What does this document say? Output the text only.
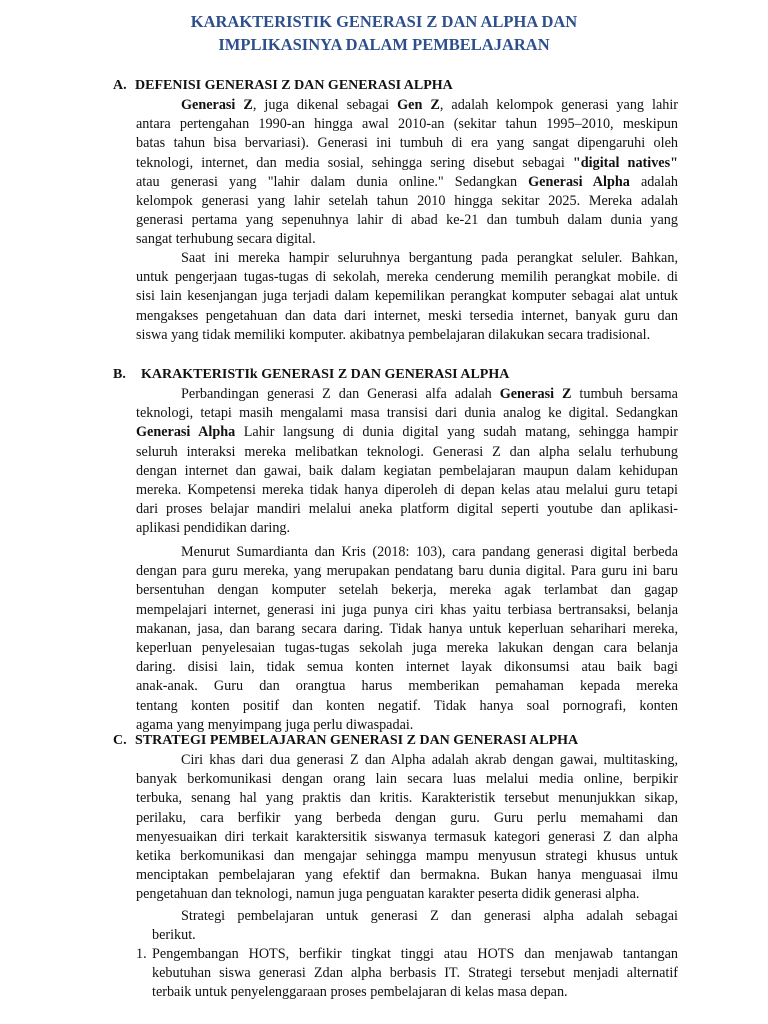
KARAKTERISTIK GENERASI Z DAN ALPHA DAN
IMPLIKASINYA DALAM PEMBELAJARAN
A. DEFENISI GENERASI Z DAN GENERASI ALPHA
Generasi Z, juga dikenal sebagai Gen Z, adalah kelompok generasi yang lahir
antara pertengahan 1990-an hingga awal 2010-an (sekitar tahun 1995–2010, meskipun
batas tahun bisa bervariasi). Generasi ini tumbuh di era yang sangat dipengaruhi oleh
teknologi, internet, dan media sosial, sehingga sering disebut sebagai "digital natives"
atau generasi yang "lahir dalam dunia online." Sedangkan Generasi Alpha adalah
kelompok generasi yang lahir setelah tahun 2010 hingga sekitar 2025. Mereka adalah
generasi pertama yang sepenuhnya lahir di abad ke-21 dan tumbuh dalam dunia yang
sangat terhubung secara digital.
Saat ini mereka hampir seluruhnya bergantung pada perangkat seluler. Bahkan,
untuk pengerjaan tugas-tugas di sekolah, mereka cenderung memilih perangkat mobile. di
sisi lain kesenjangan juga terjadi dalam kepemilikan perangkat komputer sebagai alat untuk
mengakses pengetahuan dan data dari internet, meski tersedia internet, banyak guru dan
siswa yang tidak memiliki komputer. akibatnya pembelajaran dilakukan secara tradisional.
B. KARAKTERISTIk GENERASI Z DAN GENERASI ALPHA
Perbandingan generasi Z dan Generasi alfa adalah Generasi Z tumbuh bersama
teknologi, tetapi masih mengalami masa transisi dari dunia analog ke digital. Sedangkan
Generasi Alpha Lahir langsung di dunia digital yang sudah matang, sehingga hampir
seluruh interaksi mereka melibatkan teknologi. Generasi Z dan alpha selalu terhubung
dengan internet dan gawai, baik dalam kegiatan pembelajaran maupun dalam kehidupan
mereka. Kompetensi mereka tidak hanya diperoleh di depan kelas atau melalui guru tetapi
dari proses belajar mandiri melalui aneka platform digital seperti youtube dan aplikasi-
aplikasi pendidikan daring.
Menurut Sumardianta dan Kris (2018: 103), cara pandang generasi digital berbeda
dengan para guru mereka, yang merupakan pendatang baru dunia digital. Para guru ini baru
bersentuhan dengan komputer setelah bekerja, mereka agak terlambat dan gagap
mempelajari internet, generasi ini juga punya ciri khas yaitu terbiasa bertransaksi, belanja
makanan, jasa, dan barang secara daring. Tidak hanya untuk keperluan seharihari mereka,
keperluan penyelesaian tugas-tugas sekolah juga mereka lakukan dengan cara belanja
daring. disisi lain, tidak semua konten internet layak dikonsumsi atau baik bagi
anak-anak. Guru dan orangtua harus memberikan pemahaman kepada mereka
tentang konten positif dan konten negatif. Tidak hanya soal pornografi, konten
agama yang menyimpang juga perlu diwaspadai.
C. STRATEGI PEMBELAJARAN GENERASI Z DAN GENERASI ALPHA
Ciri khas dari dua generasi Z dan Alpha adalah akrab dengan gawai, multitasking,
banyak berkomunikasi dengan orang lain secara luas melalui media online, berpikir
terbuka, senang hal yang praktis dan kritis. Karakteristik tersebut menunjukkan sikap,
perilaku, cara berfikir yang berbeda dengan guru. Guru perlu memahami dan
menyesuaikan diri terkait karaktersitik siswanya termasuk kategori generasi Z dan alpha
ketika berkomunikasi dan mengajar sehingga mampu menyusun strategi khusus untuk
menciptakan pembelajaran yang efektif dan bermakna. Bukan hanya menguasai ilmu
pengetahuan dan teknologi, namun juga penguatan karakter peserta didik generasi alpha.
Strategi pembelajaran untuk generasi Z dan generasi alpha adalah sebagai
berikut.
1. Pengembangan HOTS, berfikir tingkat tinggi atau HOTS dan menjawab tantangan
kebutuhan siswa generasi Zdan alpha berbasis IT. Strategi tersebut menjadi alternatif
terbaik untuk penyelenggaraan proses pembelajaran di kelas masa depan.
